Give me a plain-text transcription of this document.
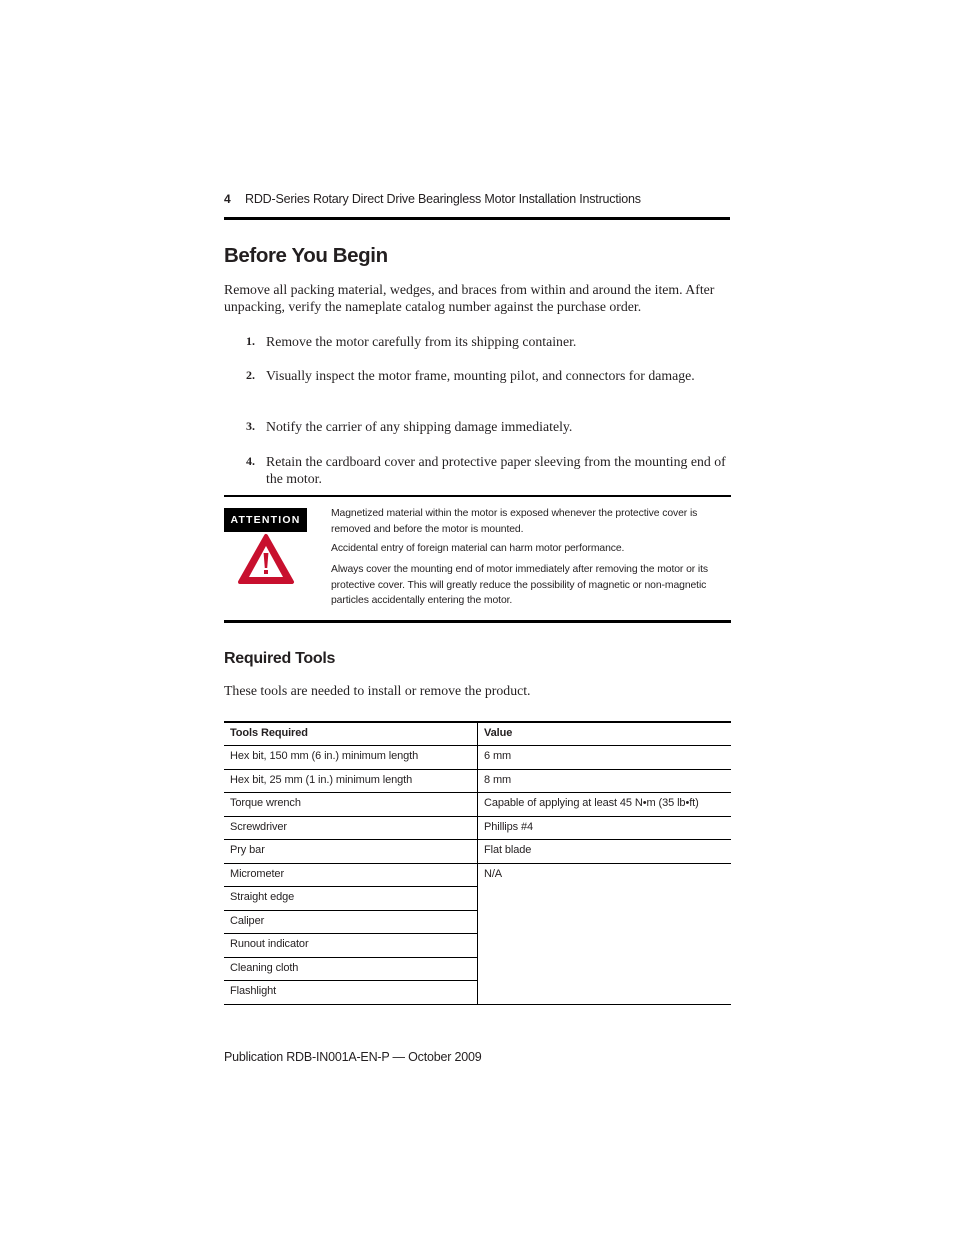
4 RDD-Series Rotary Direct Drive Bearingless Motor Installation Instructions
Before You Begin

Remove all packing material, wedges, and braces from within and around the item. After unpacking, verify the nameplate catalog number against the purchase order.

1. Remove the motor carefully from its shipping container.
2. Visually inspect the motor frame, mounting pilot, and connectors for damage.
3. Notify the carrier of any shipping damage immediately.
4. Retain the cardboard cover and protective paper sleeving from the mounting end of the motor.
ATTENTION
Magnetized material within the motor is exposed whenever the protective cover is removed and before the motor is mounted.
Accidental entry of foreign material can harm motor performance.
Always cover the mounting end of motor immediately after removing the motor or its protective cover. This will greatly reduce the possibility of magnetic or non-magnetic particles accidentally entering the motor.
Required Tools

These tools are needed to install or remove the product.

Tools Required	Value
Hex bit, 150 mm (6 in.) minimum length	6 mm
Hex bit, 25 mm (1 in.) minimum length	8 mm
Torque wrench	Capable of applying at least 45 N•m (35 lb•ft)
Screwdriver	Phillips #4
Pry bar	Flat blade
Micrometer	N/A
Straight edge	
Caliper	
Runout indicator	
Cleaning cloth	
Flashlight	
Publication RDB-IN001A-EN-P — October 2009
